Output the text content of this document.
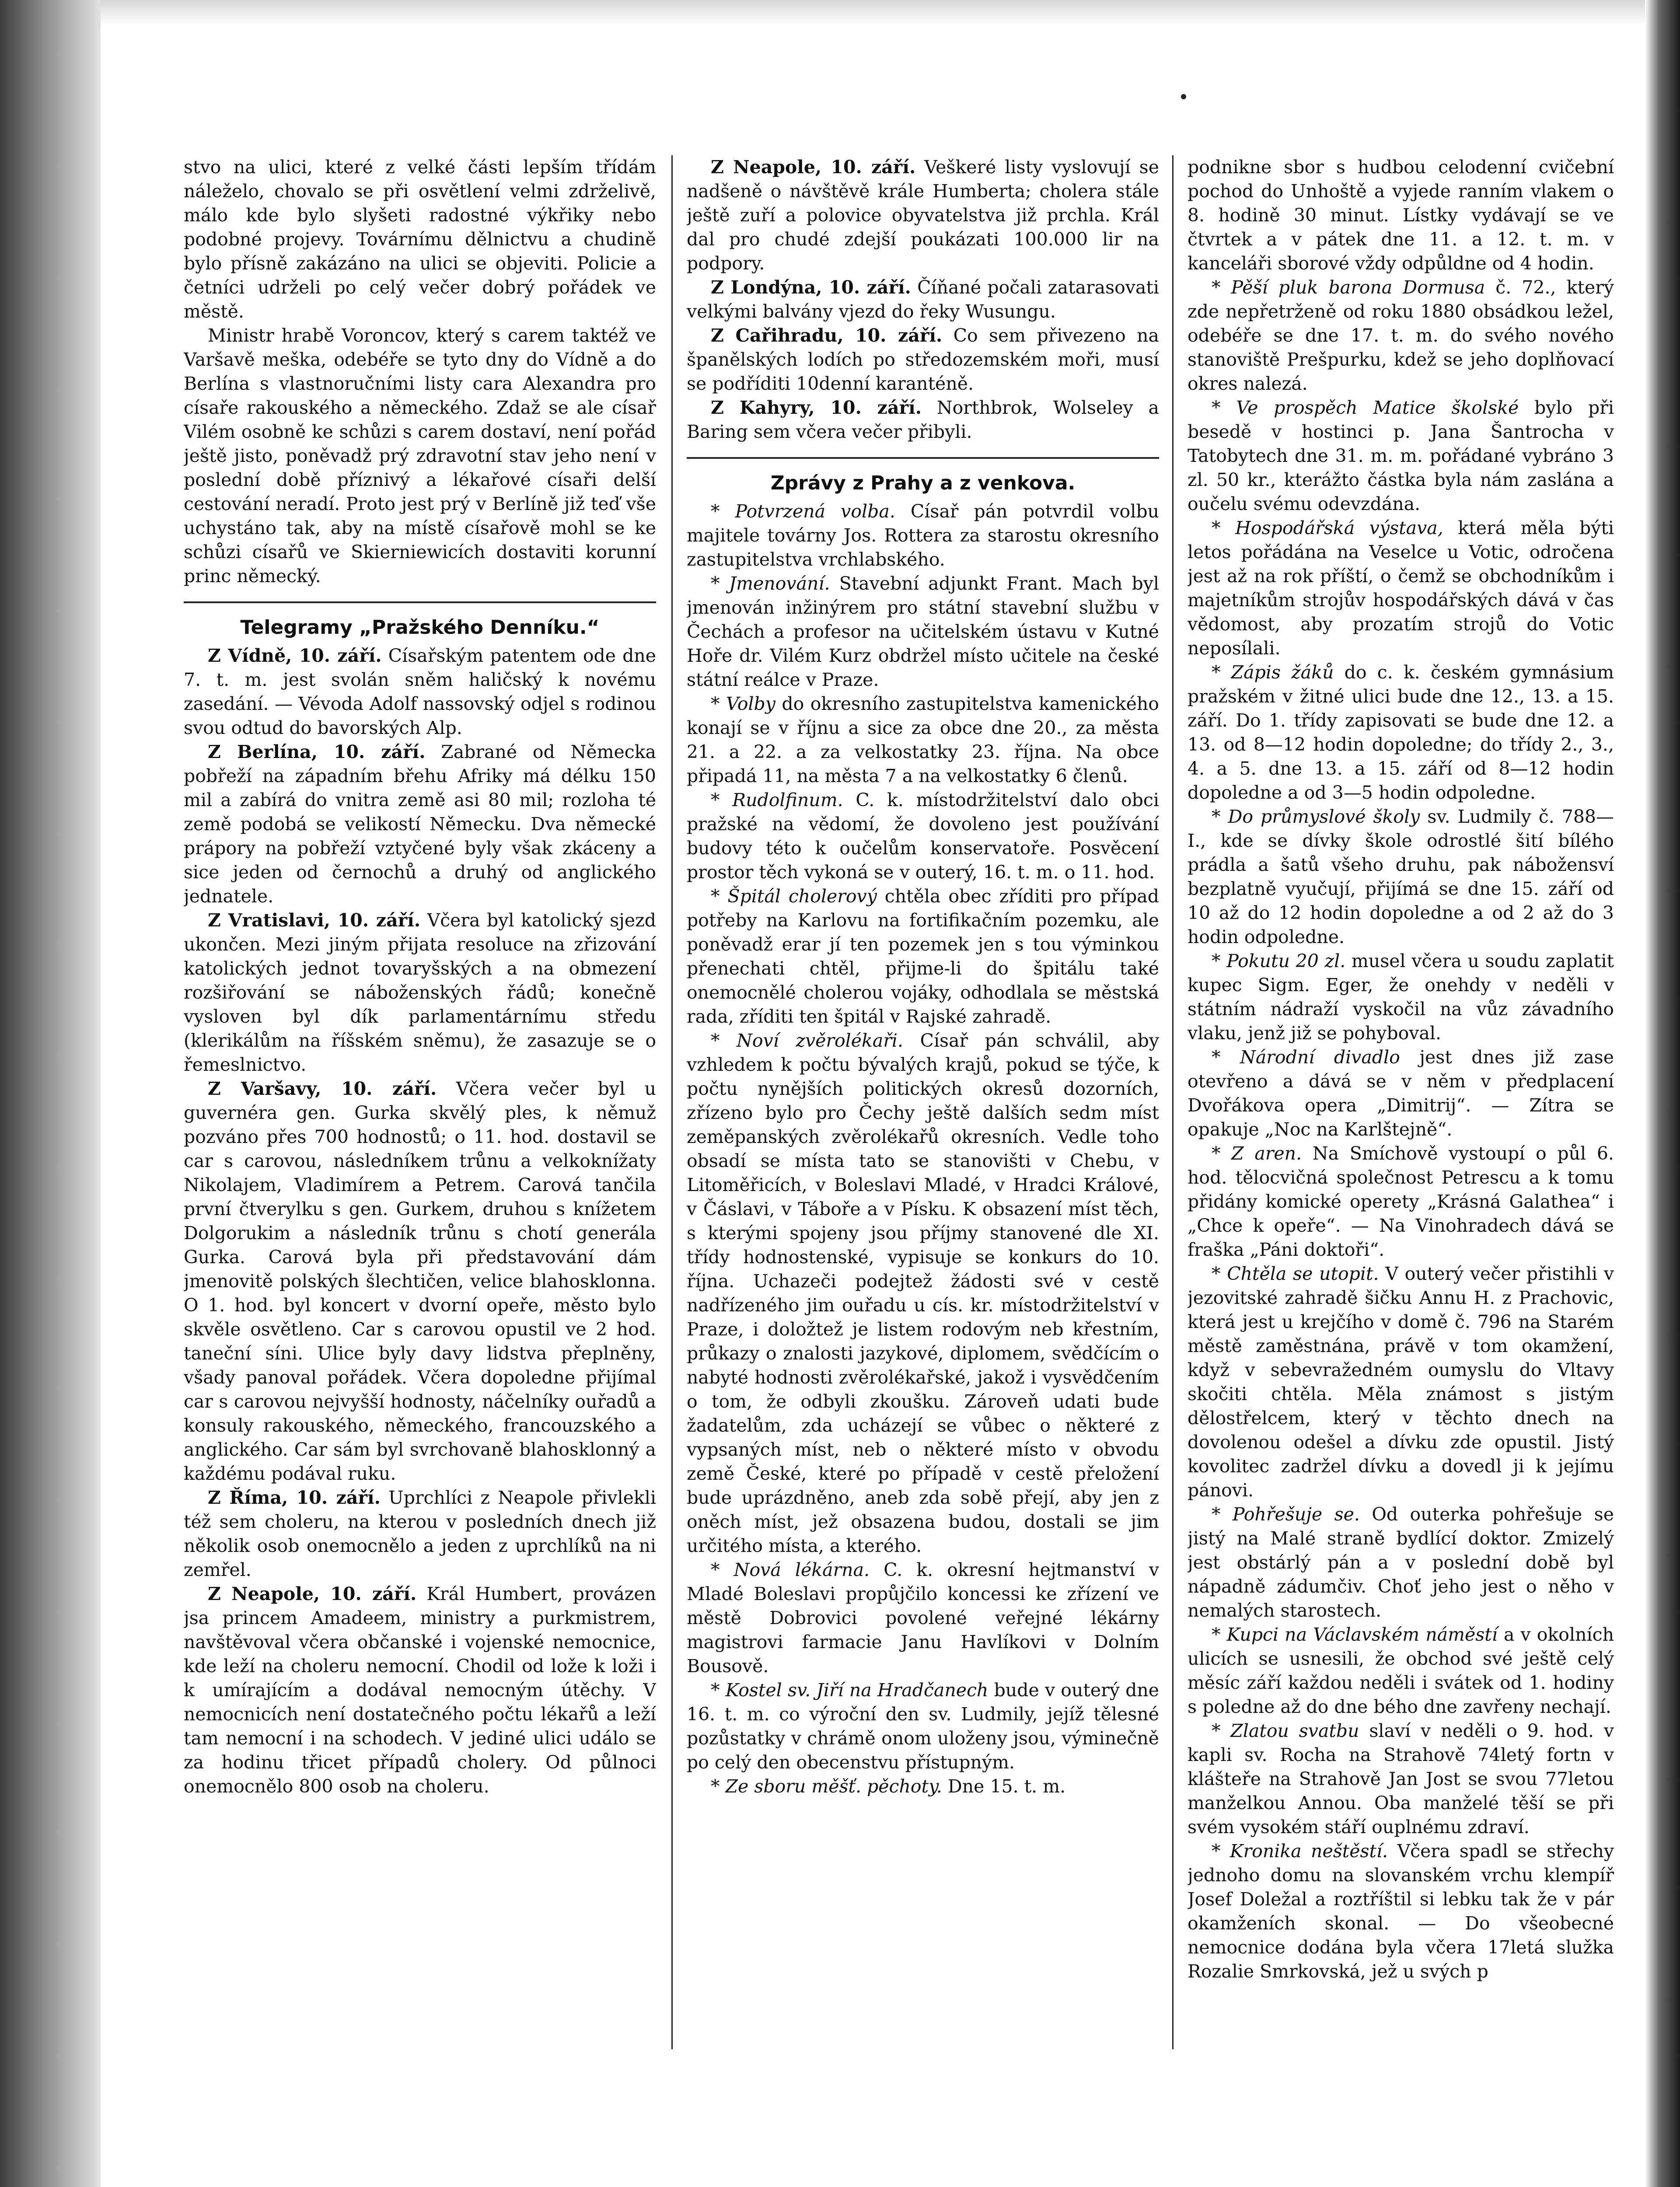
stvo na ulici, které z velké části lepším třídám náleželo, chovalo se při osvětlení velmi zdrželivě, málo kde bylo slyšeti radostné výkřiky nebo podobné projevy. Továrnímu dělnictvu a chudině bylo přísně zakázáno na ulici se objeviti. Policie a četníci udrželi po celý večer dobrý pořádek ve městě.

Ministr hrabě Voroncov, který s carem taktéž ve Varšavě meška, odebéře se tyto dny do Vídně a do Berlína s vlastnoručními listy cara Alexandra pro císaře rakouského a německého. Zdaž se ale císař Vilém osobně ke schůzi s carem dostaví, není pořád ještě jisto, poněvadž prý zdravotní stav jeho není v poslední době příznivý a lékařové císaři delší cestování neradí. Proto jest prý v Berlíně již teď vše uchystáno tak, aby na místě císařově mohl se ke schůzi císařů ve Skierniewicích dostaviti korunní princ německý.

Telegramy „Pražského Denníku.“

Z Vídně, 10. září. Císařským patentem ode dne 7. t. m. jest svolán sněm haličský k novému zasedání. — Vévoda Adolf nassovský odjel s rodinou svou odtud do bavorských Alp.

Z Berlína, 10. září. Zabrané od Německa pobřeží na západním břehu Afriky má délku 150 mil a zabírá do vnitra země asi 80 mil; rozloha té země podobá se velikostí Německu. Dva německé prápory na pobřeží vztyčené byly však zkáceny a sice jeden od černochů a druhý od anglického jednatele.

Z Vratislavi, 10. září. Včera byl katolický sjezd ukončen. Mezi jiným přijata resoluce na zřizování katolických jednot tovaryšských a na obmezení rozšiřování se náboženských řádů; konečně vysloven byl dík parlamentárnímu středu (klerikálům na říšském sněmu), že zasazuje se o řemeslnictvo.

Z Varšavy, 10. září. Včera večer byl u guvernéra gen. Gurka skvělý ples, k němuž pozváno přes 700 hodnostů; o 11. hod. dostavil se car s carovou, následníkem trůnu a velkoknížaty Nikolajem, Vladimírem a Petrem. Carová tančila první čtverylku s gen. Gurkem, druhou s knížetem Dolgorukim a následník trůnu s chotí generála Gurka. Carová byla při představování dám jmenovitě polských šlechtičen, velice blahosklonna. O 1. hod. byl koncert v dvorní opeře, město bylo skvěle osvětleno. Car s carovou opustil ve 2 hod. taneční síni. Ulice byly davy lidstva přeplněny, všady panoval pořádek. Včera dopoledne přijímal car s carovou nejvyšší hodnosty, náčelníky ouřadů a konsuly rakouského, německého, francouzského a anglického. Car sám byl svrchovaně blahosklonný a každému podával ruku.

Z Říma, 10. září. Uprchlíci z Neapole přivlekli též sem choleru, na kterou v posledních dnech již několik osob onemocnělo a jeden z uprchlíků na ni zemřel.

Z Neapole, 10. září. Král Humbert, provázen jsa princem Amadeem, ministry a purkmistrem, navštěvoval včera občanské i vojenské nemocnice, kde leží na choleru nemocní. Chodil od lože k loži i k umírajícím a dodával nemocným útěchy. V nemocnicích není dostatečného počtu lékařů a leží tam nemocní i na schodech. V jediné ulici událo se za hodinu třicet případů cholery. Od půlnoci onemocnělo 800 osob na choleru.

Z Neapole, 10. září. Veškeré listy vyslovují se nadšeně o návštěvě krále Humberta; cholera stále ještě zuří a polovice obyvatelstva již prchla. Král dal pro chudé zdejší poukázati 100.000 lir na podpory.

Z Londýna, 10. září. Číňané počali zatarasovati velkými balvány vjezd do řeky Wusungu.

Z Cařihradu, 10. září. Co sem přivezeno na španělských lodích po středozemském moři, musí se podříditi 10denní karanténě.

Z Kahyry, 10. září. Northbrok, Wolseley a Baring sem včera večer přibyli.

Zprávy z Prahy a z venkova.

* Potvrzená volba. Císař pán potvrdil volbu majitele továrny Jos. Rottera za starostu okresního zastupitelstva vrchlabského.

* Jmenování. Stavební adjunkt Frant. Mach byl jmenován inžinýrem pro státní stavební službu v Čechách a profesor na učitelském ústavu v Kutné Hoře dr. Vilém Kurz obdržel místo učitele na české státní reálce v Praze.

* Volby do okresního zastupitelstva kamenického konají se v říjnu a sice za obce dne 20., za města 21. a 22. a za velkostatky 23. října. Na obce připadá 11, na města 7 a na velkostatky 6 členů.

* Rudolfinum. C. k. místodržitelství dalo obci pražské na vědomí, že dovoleno jest používání budovy této k oučelům konservatoře. Posvěcení prostor těch vykoná se v outerý, 16. t. m. o 11. hod.

* Špitál cholerový chtěla obec zříditi pro případ potřeby na Karlovu na fortifikačním pozemku, ale poněvadž erar jí ten pozemek jen s tou výminkou přenechati chtěl, přijme-li do špitálu také onemocnělé cholerou vojáky, odhodlala se městská rada, zříditi ten špitál v Rajské zahradě.

* Noví zvěrolékaři. Císař pán schválil, aby vzhledem k počtu bývalých krajů, pokud se týče, k počtu nynějších politických okresů dozorních, zřízeno bylo pro Čechy ještě dalších sedm míst zeměpanských zvěrolékařů okresních. Vedle toho obsadí se místa tato se stanovišti v Chebu, v Litoměřicích, v Boleslavi Mladé, v Hradci Králové, v Čáslavi, v Táboře a v Písku. K obsazení míst těch, s kterými spojeny jsou příjmy stanovené dle XI. třídy hodnostenské, vypisuje se konkurs do 10. října. Uchazeči podejtež žádosti své v cestě nadřízeného jim ouřadu u cís. kr. místodržitelství v Praze, i doložtež je listem rodovým neb křestním, průkazy o znalosti jazykové, diplomem, svědčícím o nabyté hodnosti zvěrolékařské, jakož i vysvědčením o tom, že odbyli zkoušku. Zároveň udati bude žadatelům, zda ucházejí se vůbec o některé z vypsaných míst, neb o některé místo v obvodu země České, které po případě v cestě přeložení bude uprázdněno, aneb zda sobě přejí, aby jen z oněch míst, jež obsazena budou, dostali se jim určitého místa, a kterého.

* Nová lékárna. C. k. okresní hejtmanství v Mladé Boleslavi propůjčilo koncessi ke zřízení ve městě Dobrovici povolené veřejné lékárny magistrovi farmacie Janu Havlíkovi v Dolním Bousově.

* Kostel sv. Jiří na Hradčanech bude v outerý dne 16. t. m. co výroční den sv. Ludmily, jejíž tělesné pozůstatky v chrámě onom uloženy jsou, výminečně po celý den obecenstvu přístupným.

* Ze sboru měšť. pěchoty. Dne 15. t. m.

podnikne sbor s hudbou celodenní cvičební pochod do Unhoště a vyjede ranním vlakem o 8. hodině 30 minut. Lístky vydávají se ve čtvrtek a v pátek dne 11. a 12. t. m. v kanceláři sborové vždy odpůldne od 4 hodin.

* Pěší pluk barona Dormusa č. 72., který zde nepřetrženě od roku 1880 obsádkou ležel, odebéře se dne 17. t. m. do svého nového stanoviště Prešpurku, kdež se jeho doplňovací okres nalezá.

* Ve prospěch Matice školské bylo při besedě v hostinci p. Jana Šantrocha v Tatobytech dne 31. m. m. pořádané vybráno 3 zl. 50 kr., kterážto částka byla nám zaslána a oučelu svému odevzdána.

* Hospodářská výstava, která měla býti letos pořádána na Veselce u Votic, odročena jest až na rok příští, o čemž se obchodníkům i majetníkům strojův hospodářských dává v čas vědomost, aby prozatím strojů do Votic neposílali.

* Zápis žáků do c. k. českém gymnásium pražském v žitné ulici bude dne 12., 13. a 15. září. Do 1. třídy zapisovati se bude dne 12. a 13. od 8—12 hodin dopoledne; do třídy 2., 3., 4. a 5. dne 13. a 15. září od 8—12 hodin dopoledne a od 3—5 hodin odpoledne.

* Do průmyslové školy sv. Ludmily č. 788—I., kde se dívky škole odrostlé šití bílého prádla a šatů všeho druhu, pak nábožensví bezplatně vyučují, přijímá se dne 15. září od 10 až do 12 hodin dopoledne a od 2 až do 3 hodin odpoledne.

* Pokutu 20 zl. musel včera u soudu zaplatit kupec Sigm. Eger, že onehdy v neděli v státním nádraží vyskočil na vůz závadního vlaku, jenž již se pohyboval.

* Národní divadlo jest dnes již zase otevřeno a dává se v něm v předplacení Dvořákova opera „Dimitrij“. — Zítra se opakuje „Noc na Karlštejně“.

* Z aren. Na Smíchově vystoupí o půl 6. hod. tělocvičná společnost Petrescu a k tomu přidány komické operety „Krásná Galathea“ i „Chce k opeře“. — Na Vinohradech dává se fraška „Páni doktoři“.

* Chtěla se utopit. V outerý večer přistihli v jezovitské zahradě šičku Annu H. z Prachovic, která jest u krejčího v domě č. 796 na Starém městě zaměstnána, právě v tom okamžení, když v sebevražedném oumyslu do Vltavy skočiti chtěla. Měla známost s jistým dělostřelcem, který v těchto dnech na dovolenou odešel a dívku zde opustil. Jistý kovolitec zadržel dívku a dovedl ji k jejímu pánovi.

* Pohřešuje se. Od outerka pohřešuje se jistý na Malé straně bydlící doktor. Zmizelý jest obstárlý pán a v poslední době byl nápadně zádumčiv. Choť jeho jest o něho v nemalých starostech.

* Kupci na Václavském náměstí a v okolních ulicích se usnesili, že obchod své ještě celý měsíc září každou neděli i svátek od 1. hodiny s poledne až do dne bého dne zavřeny nechají.

* Zlatou svatbu slaví v neděli o 9. hod. v kapli sv. Rocha na Strahově 74letý fortn v klášteře na Strahově Jan Jost se svou 77letou manželkou Annou. Oba manželé těší se při svém vysokém stáří ouplnému zdraví.

* Kronika neštěstí. Včera spadl se střechy jednoho domu na slovanském vrchu klempíř Josef Doležal a roztříštil si lebku tak že v pár okamženích skonal. — Do všeobecné nemocnice dodána byla včera 17letá služka Rozalie Smrkovská, jež u svých p
